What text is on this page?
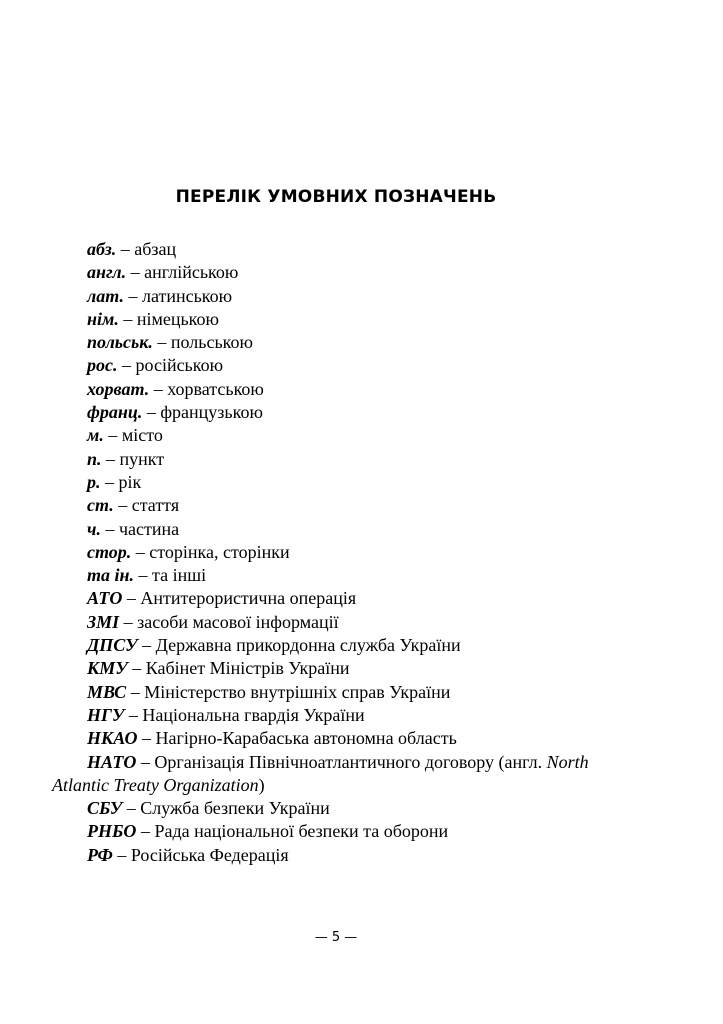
ПЕРЕЛІК УМОВНИХ ПОЗНАЧЕНЬ
абз. – абзац
англ. – англійською
лат. – латинською
нім. – німецькою
польськ. – польською
рос. – російською
хорват. – хорватською
франц. – французькою
м. – місто
п. – пункт
р. – рік
ст. – стаття
ч. – частина
стор. – сторінка, сторінки
та ін. – та інші
АТО – Антитерористична операція
ЗМІ – засоби масової інформації
ДПСУ – Державна прикордонна служба України
КМУ – Кабінет Міністрів України
МВС – Міністерство внутрішніх справ України
НГУ – Національна гвардія України
НКАО – Нагірно-Карабаська автономна область
НАТО – Організація Північноатлантичного договору (англ. North Atlantic Treaty Organization)
СБУ – Служба безпеки України
РНБО – Рада національної безпеки та оборони
РФ – Російська Федерація
— 5 —
